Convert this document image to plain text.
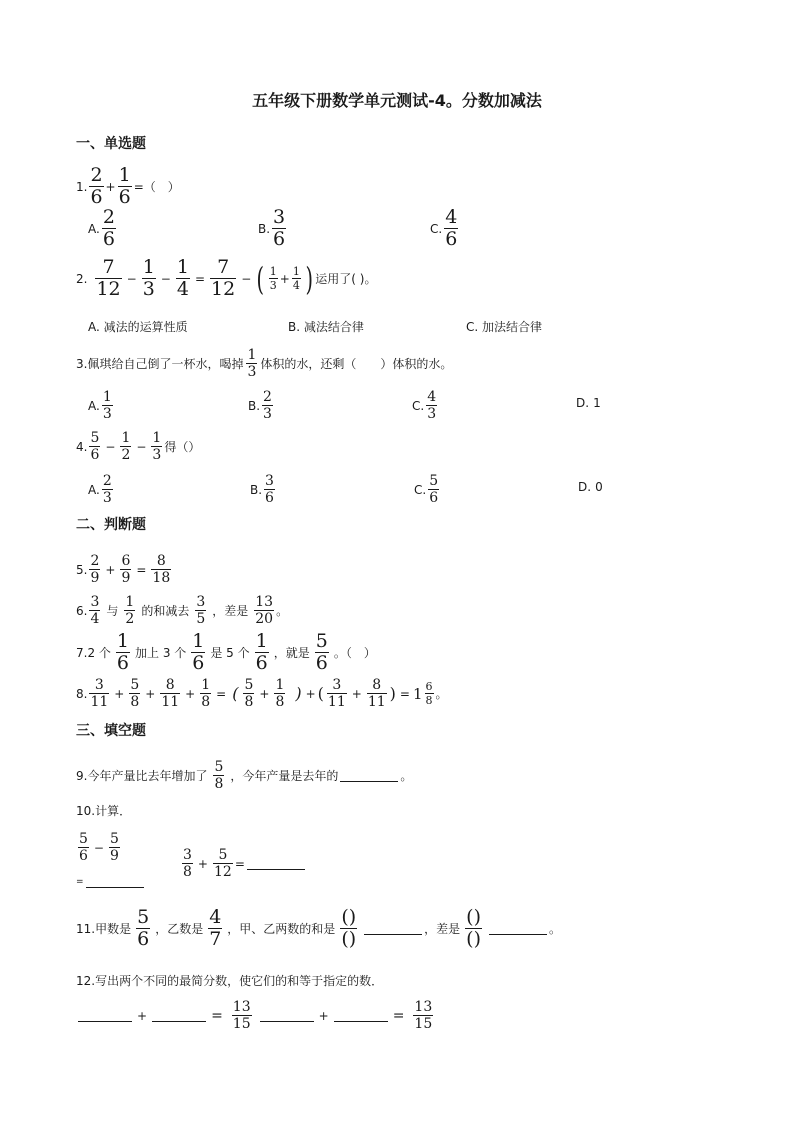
五年级下册数学单元测试-4。分数加减法
一、单选题
1. $\frac{2}{6} + \frac{1}{6}$ =（　）
A. $\frac{2}{6}$	B. $\frac{3}{6}$	C. $\frac{4}{6}$
2. $\frac{7}{12} - \frac{1}{3} - \frac{1}{4} = \frac{7}{12}$ − ( $\frac{1}{3} + \frac{1}{4}$ ) 运用了( )。
A. 减法的运算性质	B. 减法结合律	C. 加法结合律
3.佩琪给自己倒了一杯水，喝掉 $\frac{1}{3}$ 体积的水，还剩（　　）体积的水。
A. $\frac{1}{3}$	B. $\frac{2}{3}$	C. $\frac{4}{3}$	D. 1
4. $\frac{5}{6} - \frac{1}{2} - \frac{1}{3}$ 得（）
A. $\frac{2}{3}$	B. $\frac{3}{6}$	C. $\frac{5}{6}$	D. 0
二、判断题
5. $\frac{2}{9} + \frac{6}{9} = \frac{8}{18}$
6. $\frac{3}{4}$ 与 $\frac{1}{2}$ 的和减去 $\frac{3}{5}$ ，差是 $\frac{13}{20}$ 。
7.2 个 $\frac{1}{6}$ 加上 3 个 $\frac{1}{6}$ 是 5 个 $\frac{1}{6}$ ，就是 $\frac{5}{6}$ 。（　）
8. $\frac{3}{11} + \frac{5}{8} + \frac{8}{11} + \frac{1}{8}$ = ( $\frac{5}{8} + \frac{1}{8}$ ) + ( $\frac{3}{11} + \frac{8}{11}$ ) = $1 \frac{6}{8}$ 。
三、填空题
9.今年产量比去年增加了 $\frac{5}{8}$ ，今年产量是去年的	。
10.计算．
$\frac{5}{6} - \frac{5}{9}$
=
$\frac{3}{8} + \frac{5}{12}$ =
11.甲数是 $\frac{5}{6}$ ，乙数是 $\frac{4}{7}$ ，甲、乙两数的和是 $\frac{()}{()}$	，差是 $\frac{()}{()}$	。
12.写出两个不同的最简分数，使它们的和等于指定的数．
+	= $\frac{13}{15}$	+	= $\frac{13}{15}$
